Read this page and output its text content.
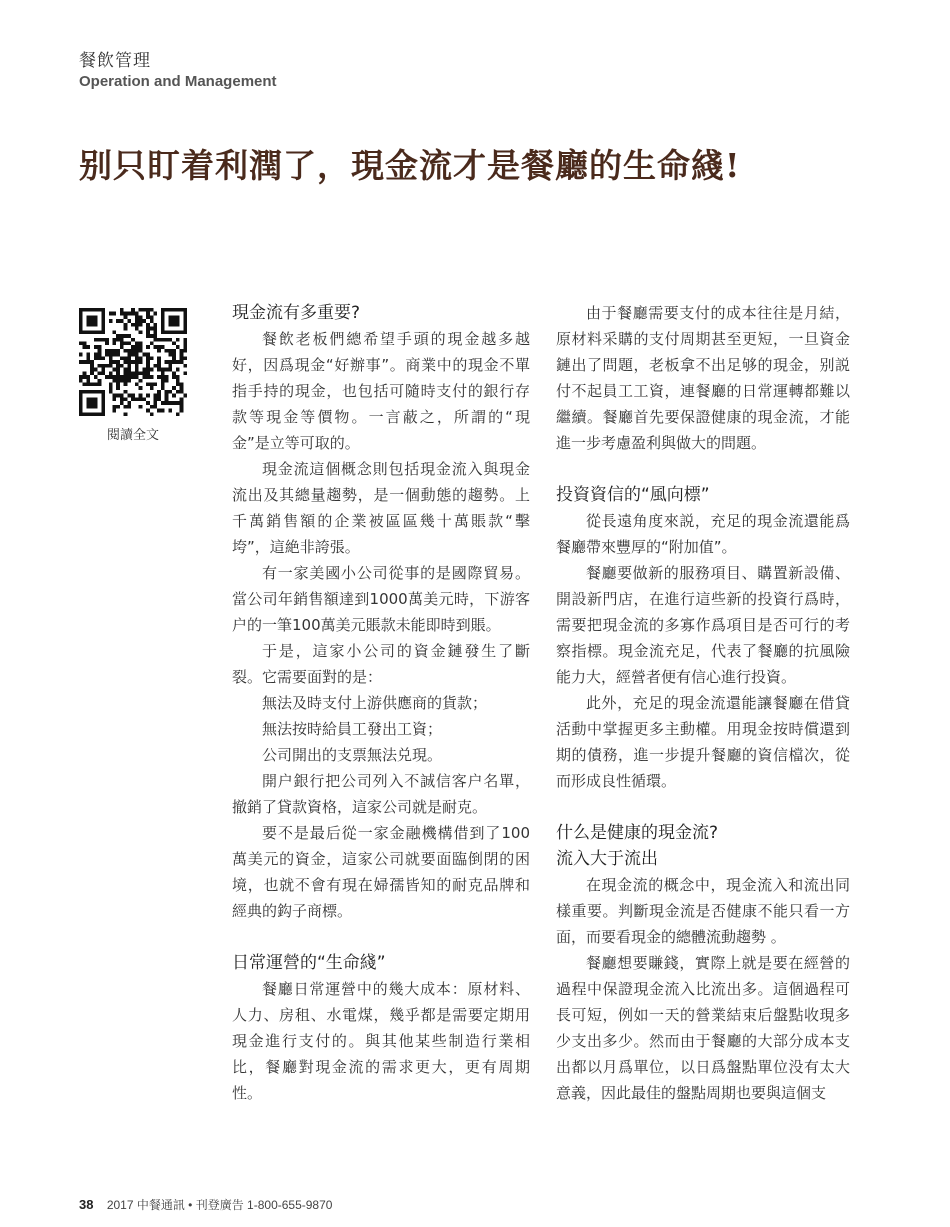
餐飲管理
Operation and Management
别只盯着利潤了，現金流才是餐廳的生命綫!
閱讀全文
現金流有多重要?

餐飲老板們總希望手頭的現金越多越好，因爲現金“好辦事”。商業中的現金不單指手持的現金，也包括可隨時支付的銀行存款等現金等價物。一言蔽之，所謂的“現金”是立等可取的。

現金流這個概念則包括現金流入與現金流出及其總量趨勢，是一個動態的趨勢。上千萬銷售額的企業被區區幾十萬賬款“擊垮”，這絶非誇張。

有一家美國小公司從事的是國際貿易。當公司年銷售額達到1000萬美元時，下游客户的一筆100萬美元賬款未能即時到賬。

于是，這家小公司的資金鏈發生了斷裂。它需要面對的是：

無法及時支付上游供應商的貨款；
無法按時給員工發出工資；
公司開出的支票無法兑現。

開户銀行把公司列入不誠信客户名單，撤銷了貸款資格，這家公司就是耐克。

要不是最后從一家金融機構借到了100萬美元的資金，這家公司就要面臨倒閉的困境，也就不會有現在婦孺皆知的耐克品牌和經典的鈎子商標。

日常運營的“生命綫”

餐廳日常運營中的幾大成本：原材料、人力、房租、水電煤，幾乎都是需要定期用現金進行支付的。與其他某些制造行業相比，餐廳對現金流的需求更大，更有周期性。

由于餐廳需要支付的成本往往是月結，原材料采購的支付周期甚至更短，一旦資金鏈出了問題，老板拿不出足够的現金，别説付不起員工工資，連餐廳的日常運轉都難以繼續。餐廳首先要保證健康的現金流，才能進一步考慮盈利與做大的問題。

投資資信的“風向標”

從長遠角度來説，充足的現金流還能爲餐廳帶來豐厚的“附加值”。

餐廳要做新的服務項目、購置新設備、開設新門店，在進行這些新的投資行爲時，需要把現金流的多寡作爲項目是否可行的考察指標。現金流充足，代表了餐廳的抗風險能力大，經營者便有信心進行投資。

此外，充足的現金流還能讓餐廳在借貸活動中掌握更多主動權。用現金按時償還到期的債務，進一步提升餐廳的資信檔次，從而形成良性循環。

什么是健康的現金流?
流入大于流出

在現金流的概念中，現金流入和流出同樣重要。判斷現金流是否健康不能只看一方面，而要看現金的總體流動趨勢 。

餐廳想要賺錢，實際上就是要在經營的過程中保證現金流入比流出多。這個過程可長可短，例如一天的營業結束后盤點收現多少支出多少。然而由于餐廳的大部分成本支出都以月爲單位，以日爲盤點單位没有太大意義，因此最佳的盤點周期也要與這個支

38 2017 中餐通訊 • 刊登廣告 1-800-655-9870
